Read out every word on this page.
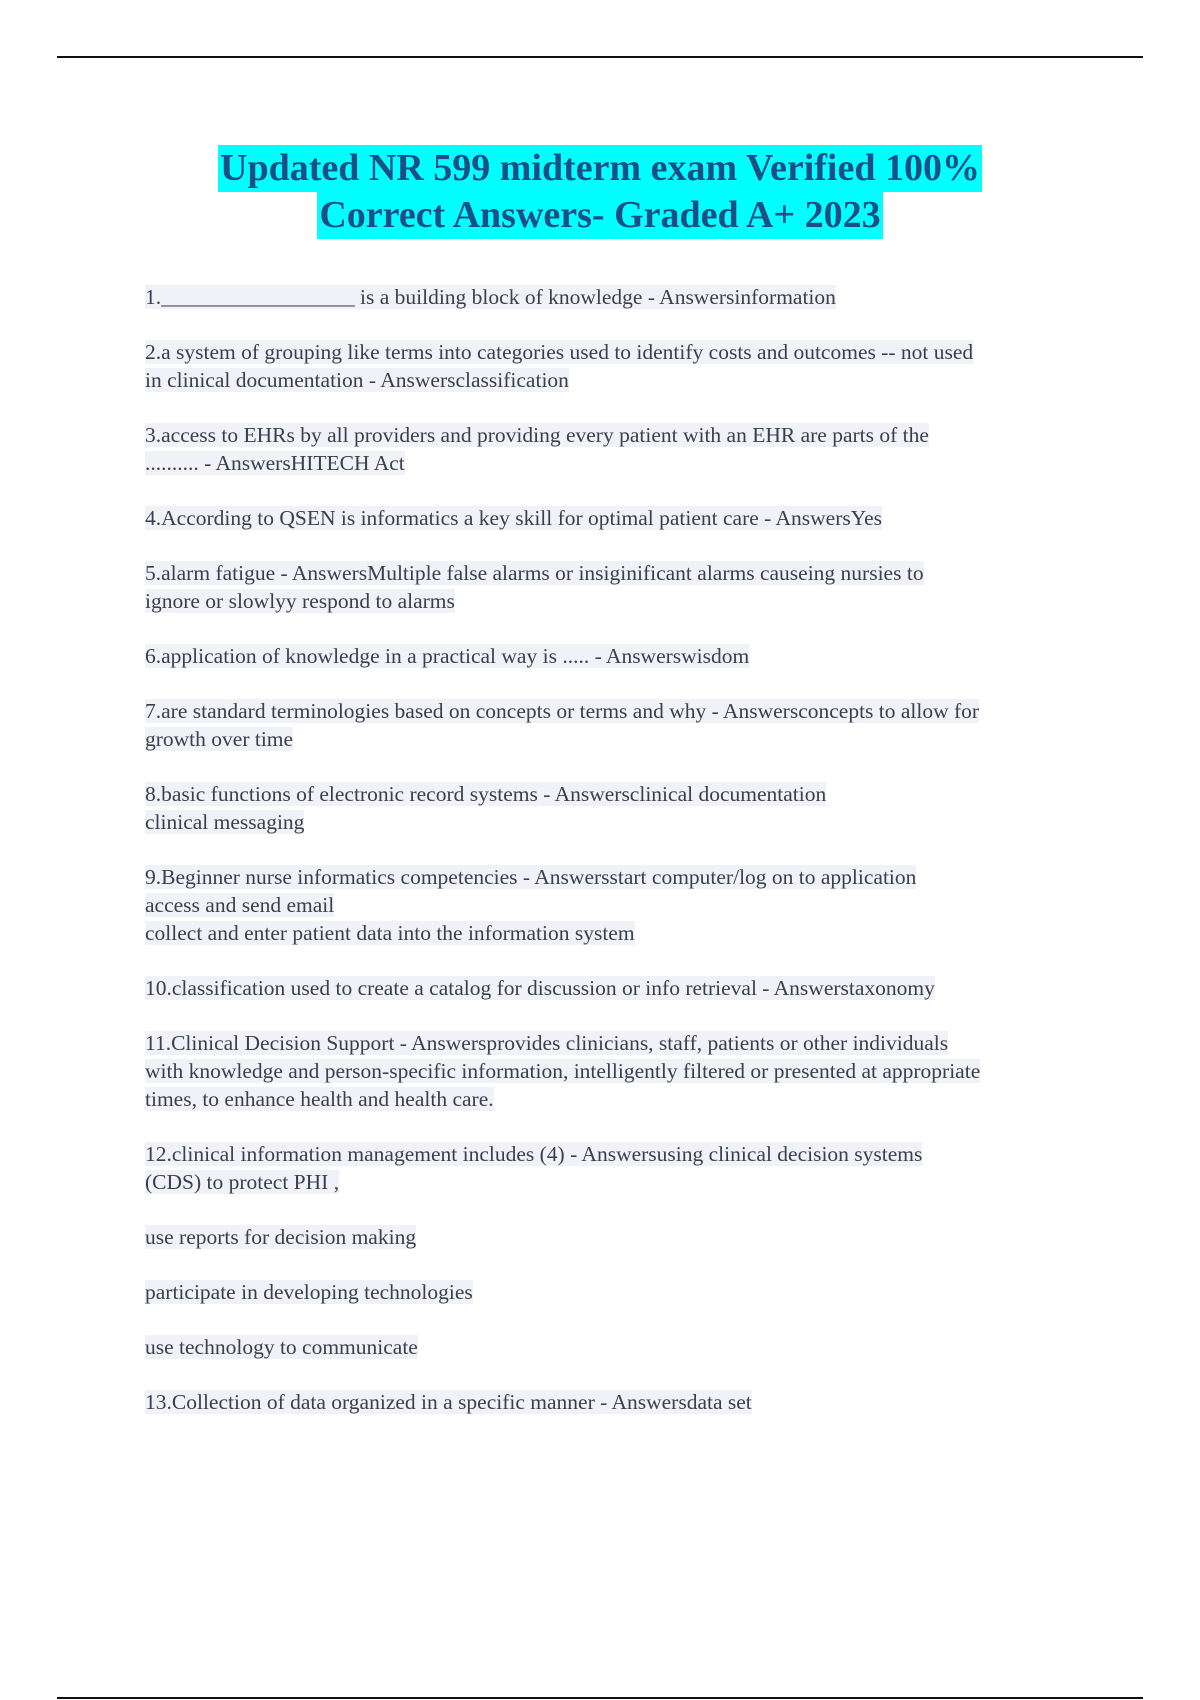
Updated NR 599 midterm exam Verified 100%
Correct Answers- Graded A+ 2023
1.__________________ is a building block of knowledge - Answersinformation
2.a system of grouping like terms into categories used to identify costs and outcomes -- not used
in clinical documentation - Answersclassification
3.access to EHRs by all providers and providing every patient with an EHR are parts of the
.......... - AnswersHITECH Act
4.According to QSEN is informatics a key skill for optimal patient care - AnswersYes
5.alarm fatigue - AnswersMultiple false alarms or insiginificant alarms causeing nursies to
ignore or slowlyy respond to alarms
6.application of knowledge in a practical way is ..... - Answerswisdom
7.are standard terminologies based on concepts or terms and why - Answersconcepts to allow for
growth over time
8.basic functions of electronic record systems - Answersclinical documentation
clinical messaging
9.Beginner nurse informatics competencies - Answersstart computer/log on to application
access and send email
collect and enter patient data into the information system
10.classification used to create a catalog for discussion or info retrieval - Answerstaxonomy
11.Clinical Decision Support - Answersprovides clinicians, staff, patients or other individuals
with knowledge and person-specific information, intelligently filtered or presented at appropriate
times, to enhance health and health care.
12.clinical information management includes (4) - Answersusing clinical decision systems
(CDS) to protect PHI ,
use reports for decision making
participate in developing technologies
use technology to communicate
13.Collection of data organized in a specific manner - Answersdata set
